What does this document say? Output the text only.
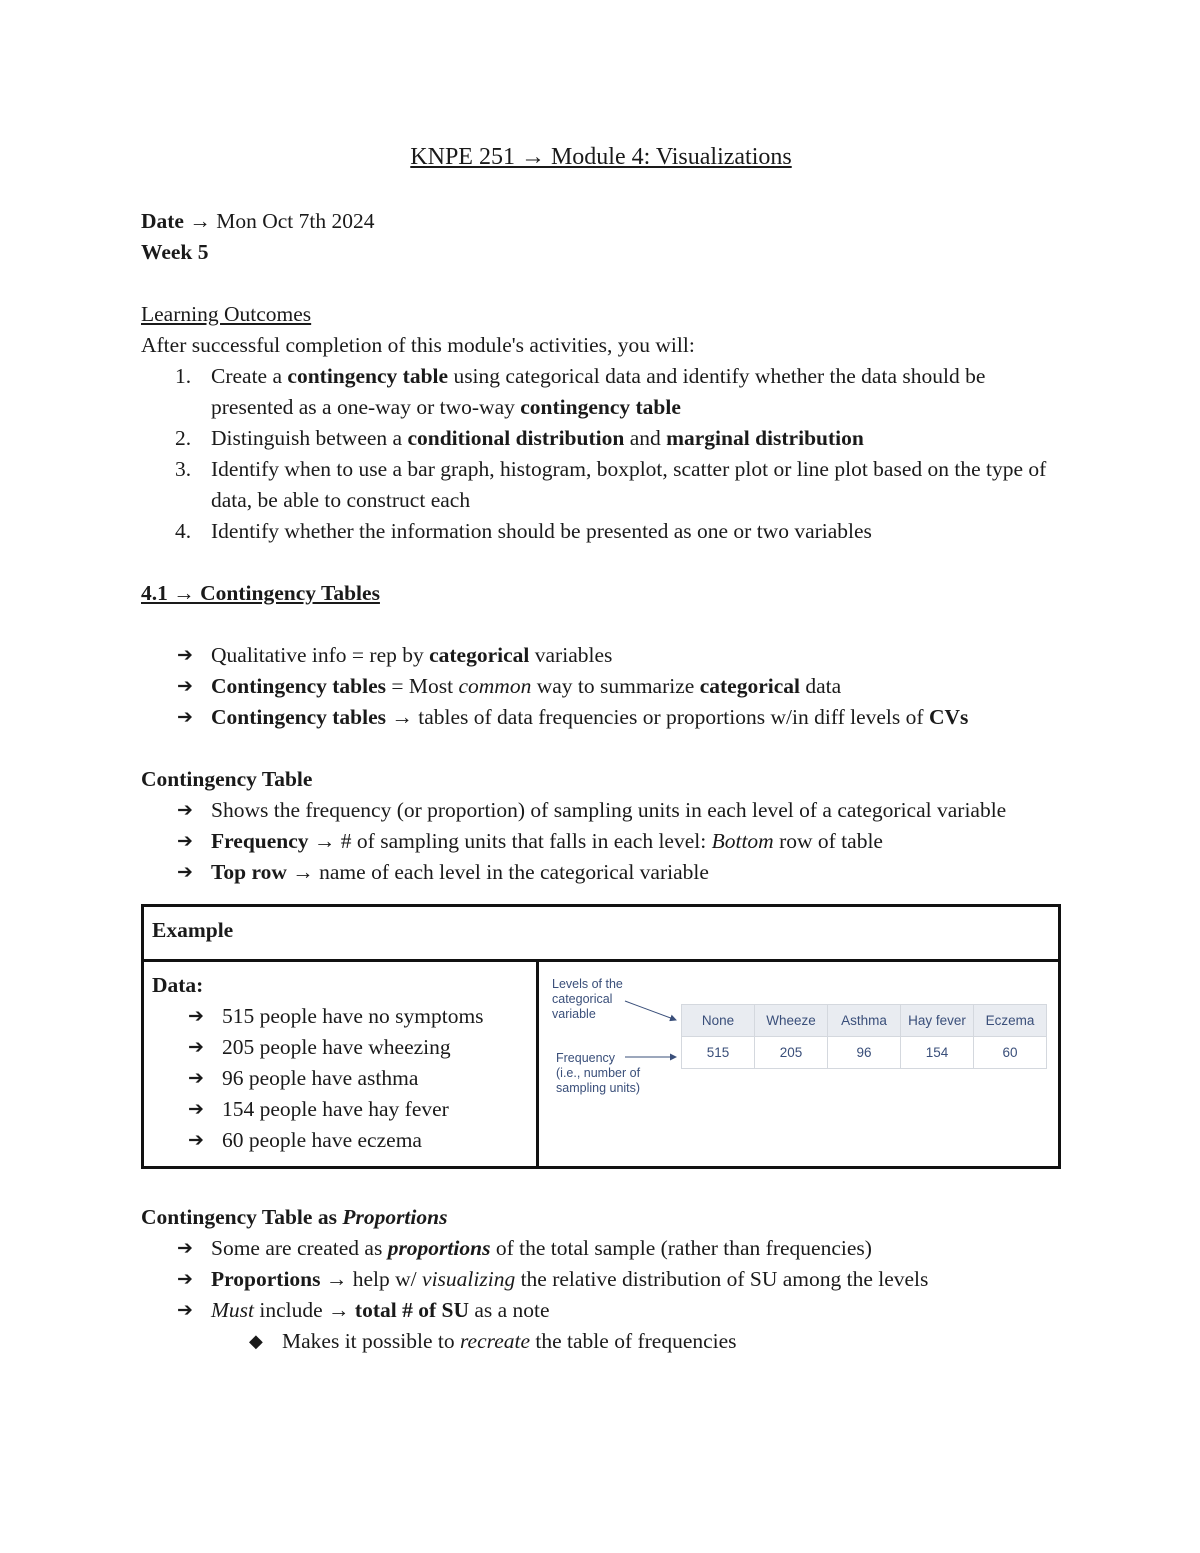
KNPE 251 → Module 4: Visualizations
Date → Mon Oct 7th 2024
Week 5
Learning Outcomes
After successful completion of this module's activities, you will:
1. Create a contingency table using categorical data and identify whether the data should be presented as a one-way or two-way contingency table
2. Distinguish between a conditional distribution and marginal distribution
3. Identify when to use a bar graph, histogram, boxplot, scatter plot or line plot based on the type of data, be able to construct each
4. Identify whether the information should be presented as one or two variables
4.1 → Contingency Tables
➔ Qualitative info = rep by categorical variables
➔ Contingency tables = Most common way to summarize categorical data
➔ Contingency tables → tables of data frequencies or proportions w/in diff levels of CVs
Contingency Table
➔ Shows the frequency (or proportion) of sampling units in each level of a categorical variable
➔ Frequency → # of sampling units that falls in each level: Bottom row of table
➔ Top row → name of each level in the categorical variable
Example

Data:
➔ 515 people have no symptoms
➔ 205 people have wheezing
➔ 96 people have asthma
➔ 154 people have hay fever
➔ 60 people have eczema

Levels of the
categorical
variable
Frequency
(i.e., number of
sampling units)
None	Wheeze	Asthma	Hay fever	Eczema
515	205	96	154	60
Contingency Table as Proportions
➔ Some are created as proportions of the total sample (rather than frequencies)
➔ Proportions → help w/ visualizing the relative distribution of SU among the levels
➔ Must include → total # of SU as a note
◆ Makes it possible to recreate the table of frequencies
